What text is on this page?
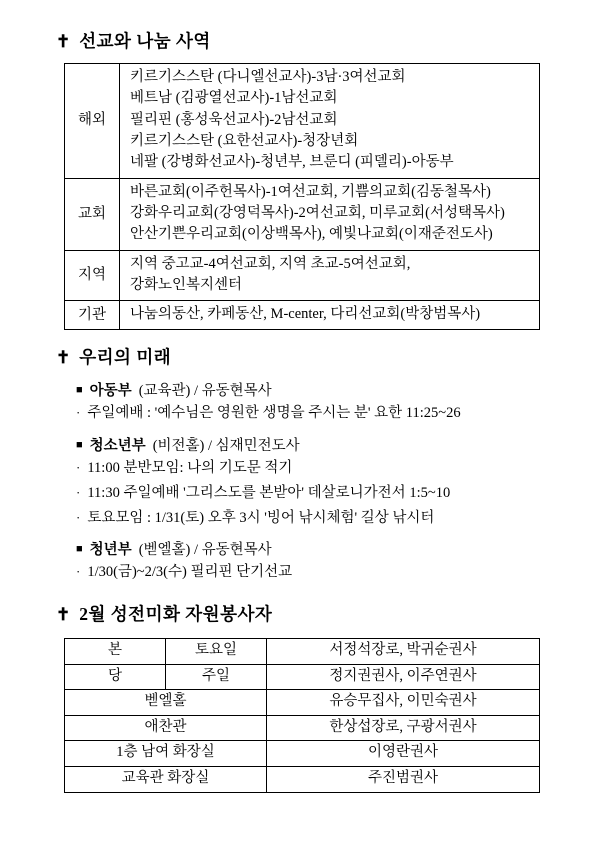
✝ 선교와 나눔 사역
해외	키르기스스탄 (다니엘선교사)-3남·3여선교회
베트남 (김광열선교사)-1남선교회
필리핀 (홍성욱선교사)-2남선교회
키르기스스탄 (요한선교사)-청장년회
네팔 (강병화선교사)-청년부, 브룬디 (피델리)-아동부

교회	바른교회(이주헌목사)-1여선교회, 기쁨의교회(김동철목사)
강화우리교회(강영덕목사)-2여선교회, 미루교회(서성택목사)
안산기쁜우리교회(이상백목사), 예빛나교회(이재준전도사)

지역	지역 중고교-4여선교회, 지역 초교-5여선교회,
강화노인복지센터

기관	나눔의동산, 카페동산, M-center, 다리선교회(박창범목사)
✝ 우리의 미래
■ 아동부 (교육관) / 유동현목사
· 주일예배 : '예수님은 영원한 생명을 주시는 분' 요한 11:25~26
■ 청소년부 (비전홀) / 심재민전도사
· 11:00 분반모임: 나의 기도문 적기
· 11:30 주일예배 '그리스도를 본받아' 데살로니가전서 1:5~10
· 토요모임 : 1/31(토) 오후 3시 '빙어 낚시체험' 길상 낚시터
■ 청년부 (벧엘홀) / 유동현목사
· 1/30(금)~2/3(수) 필리핀 단기선교
✝ 2월 성전미화 자원봉사자
본	토요일	서정석장로, 박귀순권사
당	주일	정지권권사, 이주연권사
벧엘홀		유승무집사, 이민숙권사
애찬관		한상섭장로, 구광서권사
1층 남여 화장실		이영란권사
교육관 화장실		주진범권사
